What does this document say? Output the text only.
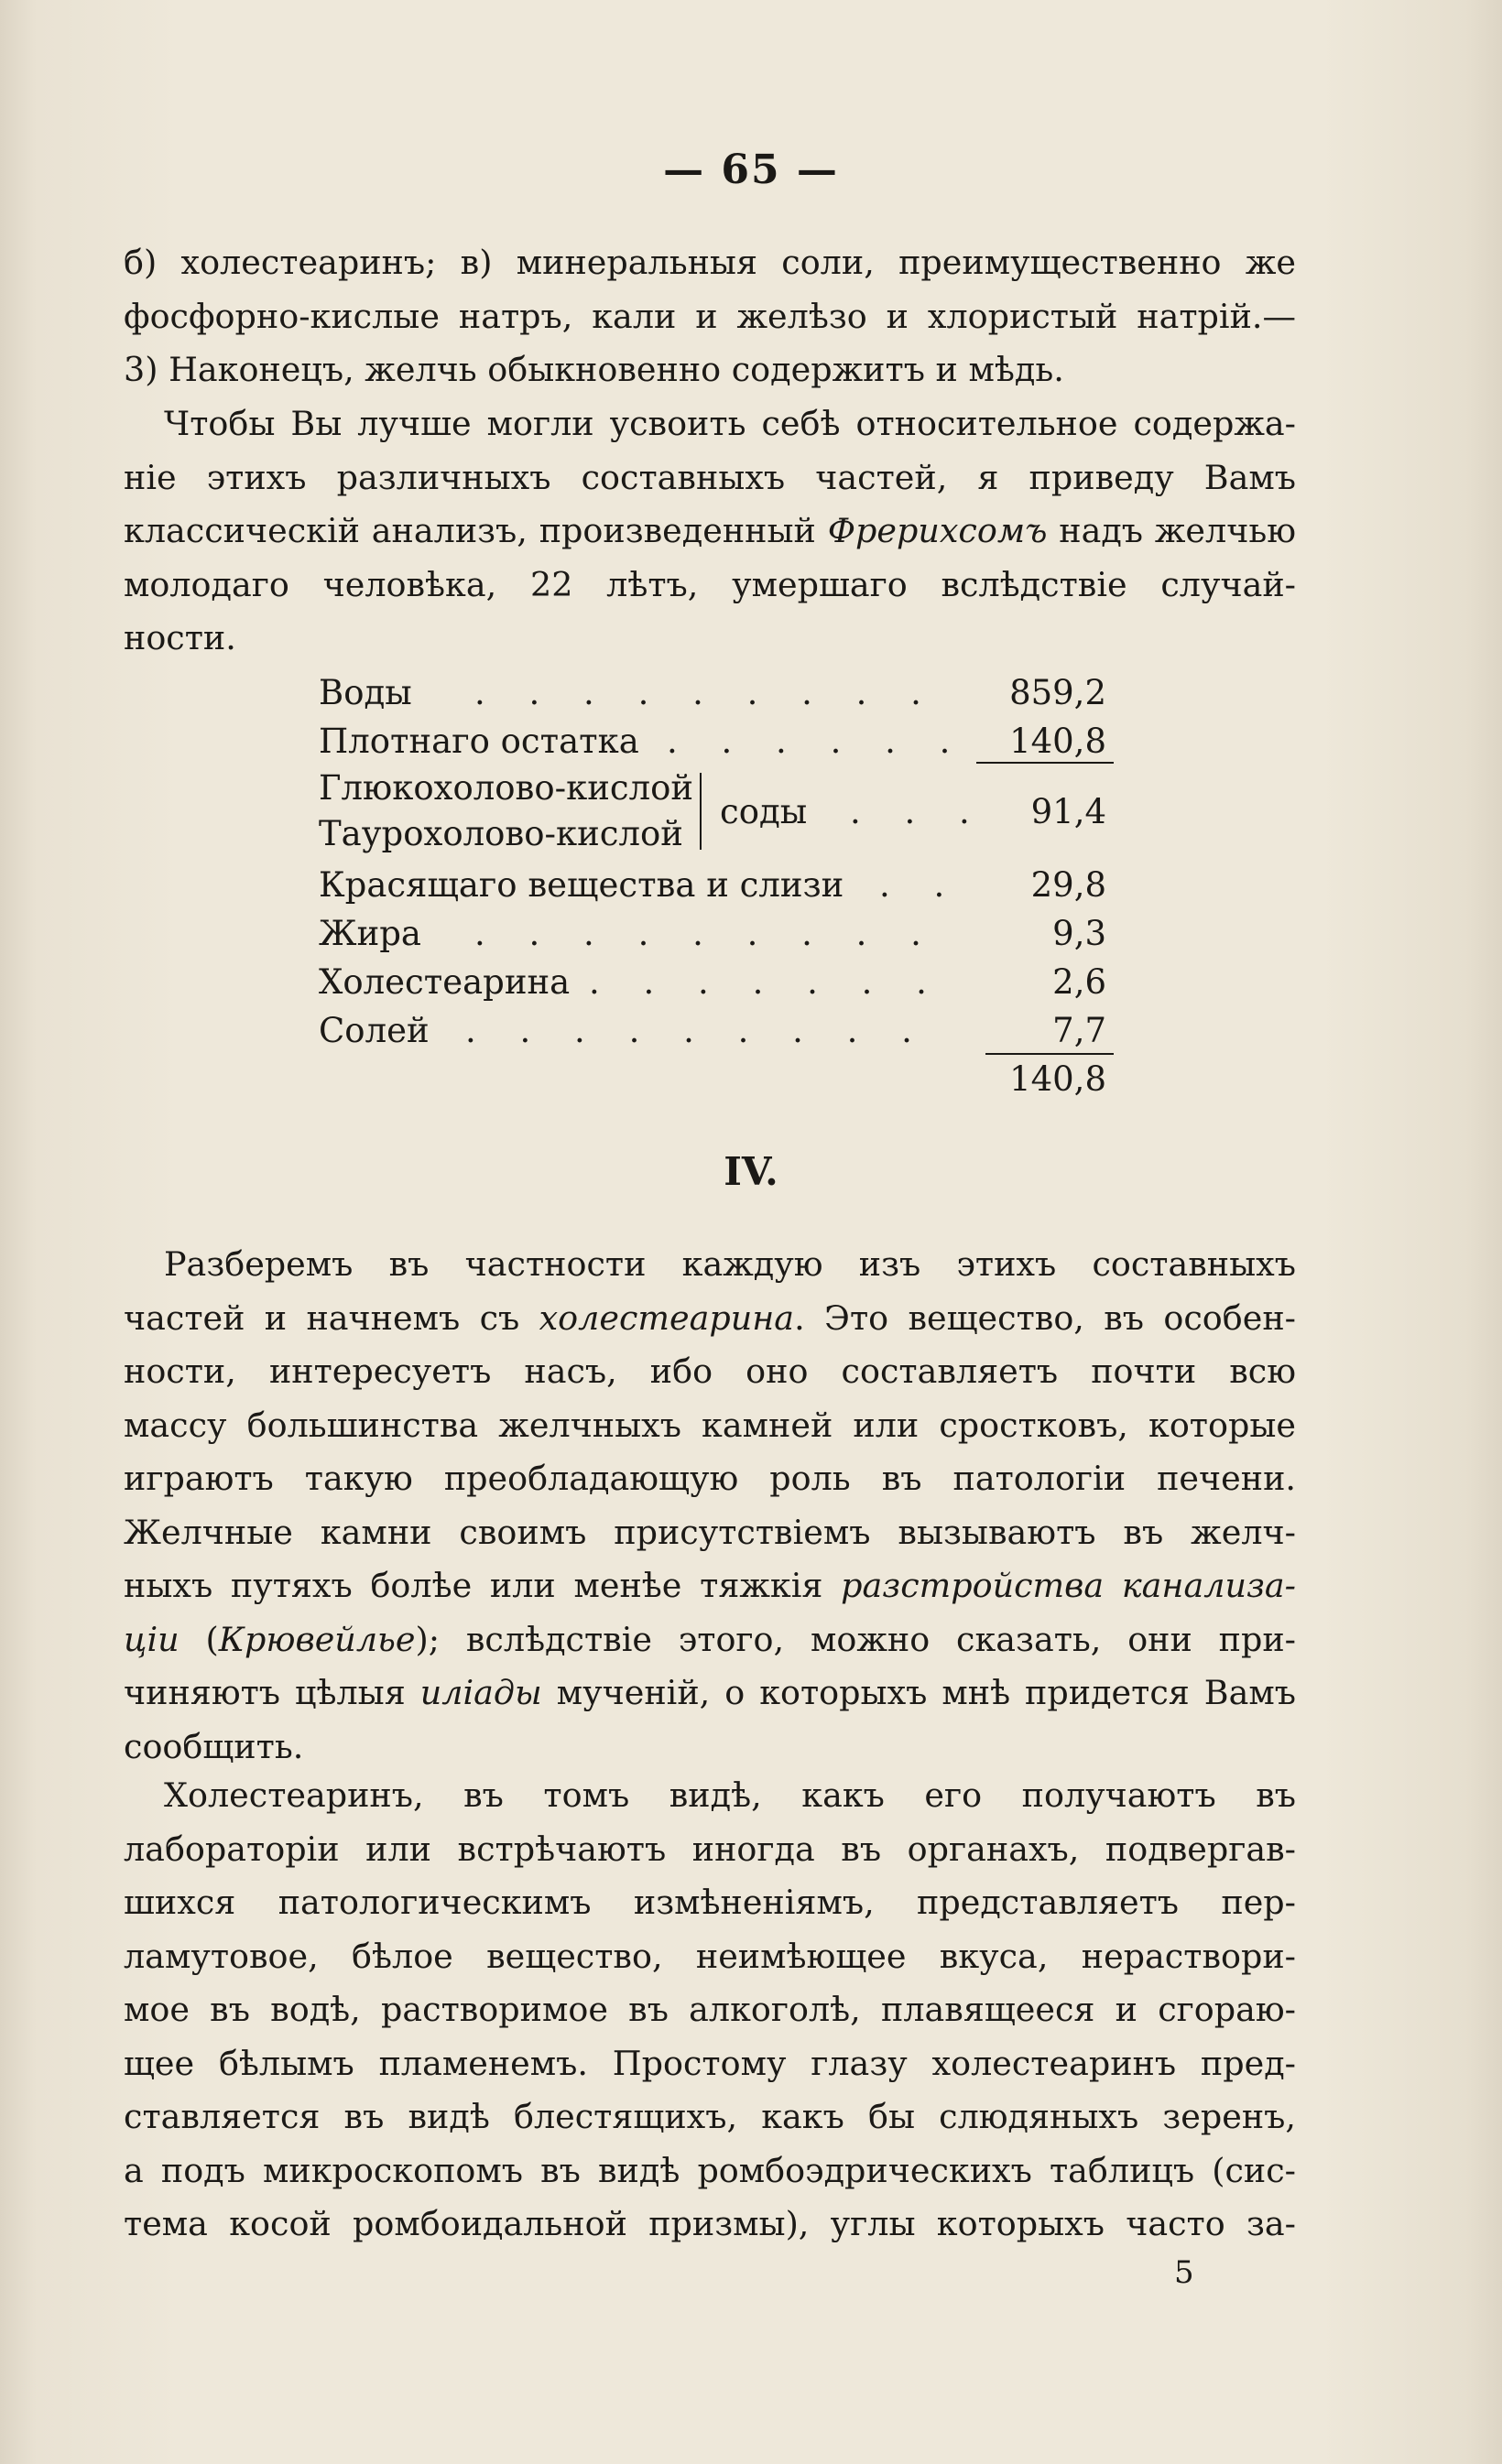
— 65 —
б) холестеаринъ; в) минеральныя соли, преимущественно же
фосфорно-кислые натръ, кали и желѣзо и хлористый натрій.—
3) Наконецъ, желчь обыкновенно содержитъ и мѣдь.
Чтобы Вы лучше могли усвоить себѣ относительное содержа-
ніе этихъ различныхъ составныхъ частей, я приведу Вамъ
классическій анализъ, произведенный Фрерихсомъ надъ желчью
молодаго человѣка, 22 лѣтъ, умершаго вслѣдствіе случай-
ности.
Воды . . . . . . . . . 859,2
Плотнаго остатка . . . . . . 140,8
Глюкохолово-кислой
Таурохолово-кислой
соды . . . 91,4
Красящаго вещества и слизи . . 29,8
Жира . . . . . . . . .	9,3
Холестеарина . . . . . . .	2,6
Солей . . . . . . . . .	7,7
140,8
IV.
Разберемъ въ частности каждую изъ этихъ составныхъ
частей и начнемъ съ холестеарина. Это вещество, въ особен-
ности, интересуетъ насъ, ибо оно составляетъ почти всю
массу большинства желчныхъ камней или сростковъ, которые
играютъ такую преобладающую роль въ патологіи печени.
Желчные камни своимъ присутствіемъ вызываютъ въ желч-
ныхъ путяхъ болѣе или менѣе тяжкія разстройства канализа-
ціи (Крювейлье); вслѣдствіе этого, можно сказать, они при-
чиняютъ цѣлыя иліады мученій, о которыхъ мнѣ придется Вамъ
сообщить.
Холестеаринъ, въ томъ видѣ, какъ его получаютъ въ
лабораторіи или встрѣчаютъ иногда въ органахъ, подвергав-
шихся патологическимъ измѣненіямъ, представляетъ пер-
ламутовое, бѣлое вещество, неимѣющее вкуса, нераствори-
мое въ водѣ, растворимое въ алкоголѣ, плавящееся и сгораю-
щее бѣлымъ пламенемъ. Простому глазу холестеаринъ пред-
ставляется въ видѣ блестящихъ, какъ бы слюдяныхъ зеренъ,
а подъ микроскопомъ въ видѣ ромбоэдрическихъ таблицъ (сис-
тема косой ромбоидальной призмы), углы которыхъ часто за-
5
